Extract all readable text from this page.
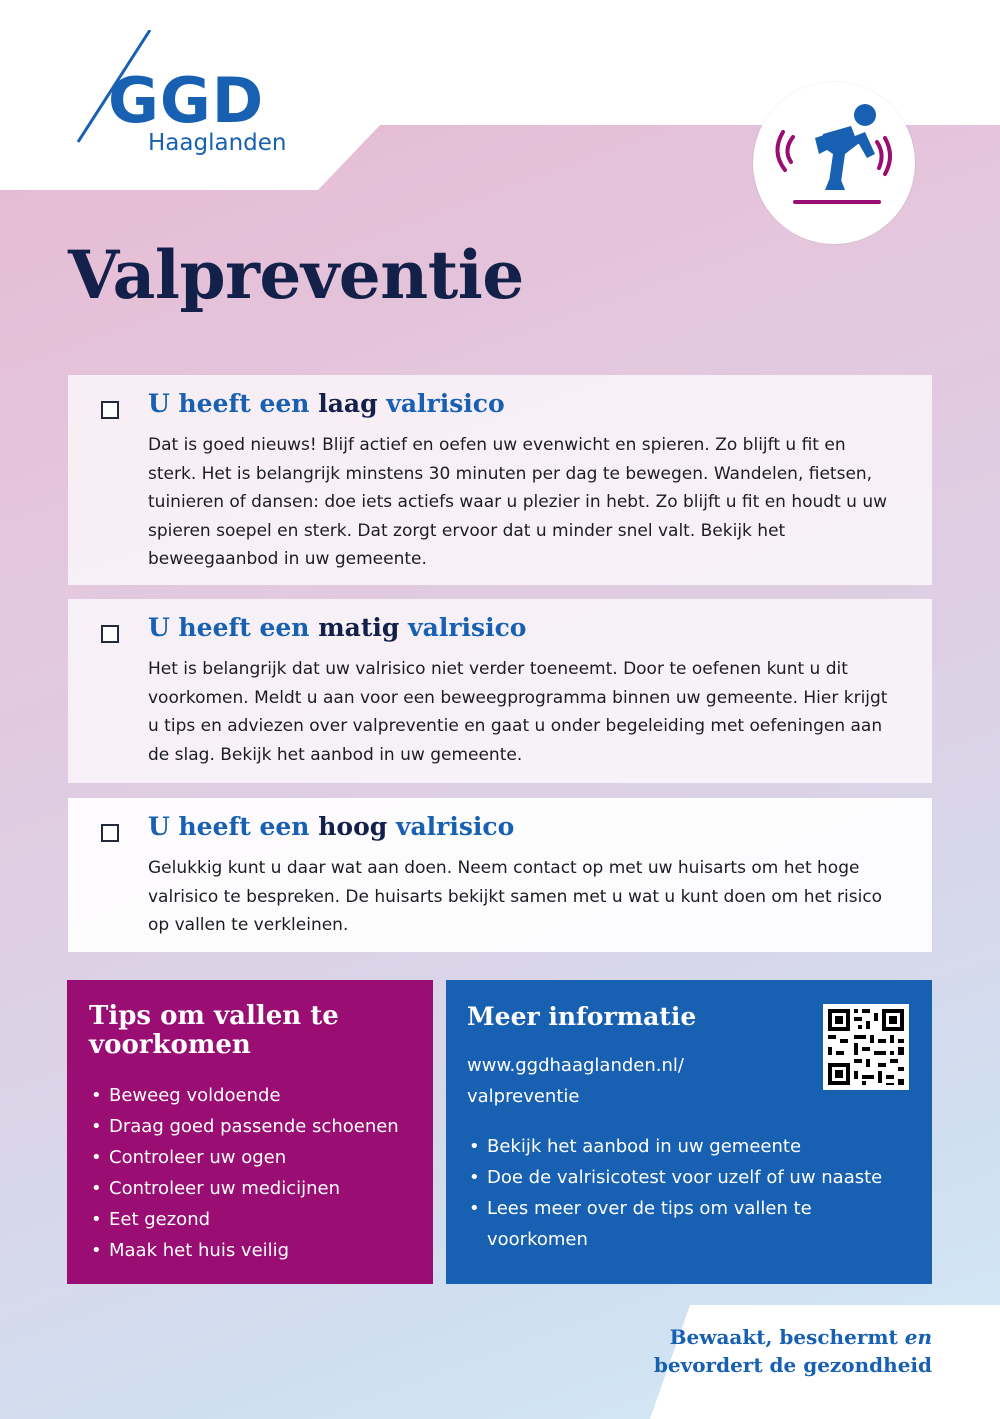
GGD
Haaglanden
Valpreventie
U heeft een laag valrisico
Dat is goed nieuws! Blijf actief en oefen uw evenwicht en spieren. Zo blijft u fit en sterk. Het is belangrijk minstens 30 minuten per dag te bewegen. Wandelen, fietsen, tuinieren of dansen: doe iets actiefs waar u plezier in hebt. Zo blijft u fit en houdt u uw spieren soepel en sterk. Dat zorgt ervoor dat u minder snel valt. Bekijk het beweegaanbod in uw gemeente.
U heeft een matig valrisico
Het is belangrijk dat uw valrisico niet verder toeneemt. Door te oefenen kunt u dit voorkomen. Meldt u aan voor een beweegprogramma binnen uw gemeente. Hier krijgt u tips en adviezen over valpreventie en gaat u onder begeleiding met oefeningen aan de slag. Bekijk het aanbod in uw gemeente.
U heeft een hoog valrisico
Gelukkig kunt u daar wat aan doen. Neem contact op met uw huisarts om het hoge valrisico te bespreken. De huisarts bekijkt samen met u wat u kunt doen om het risico op vallen te verkleinen.
Tips om vallen te voorkomen
• Beweeg voldoende
• Draag goed passende schoenen
• Controleer uw ogen
• Controleer uw medicijnen
• Eet gezond
• Maak het huis veilig
Meer informatie
www.ggdhaaglanden.nl/
valpreventie
• Bekijk het aanbod in uw gemeente
• Doe de valrisicotest voor uzelf of uw naaste
• Lees meer over de tips om vallen te voorkomen
Bewaakt, beschermt en
bevordert de gezondheid
